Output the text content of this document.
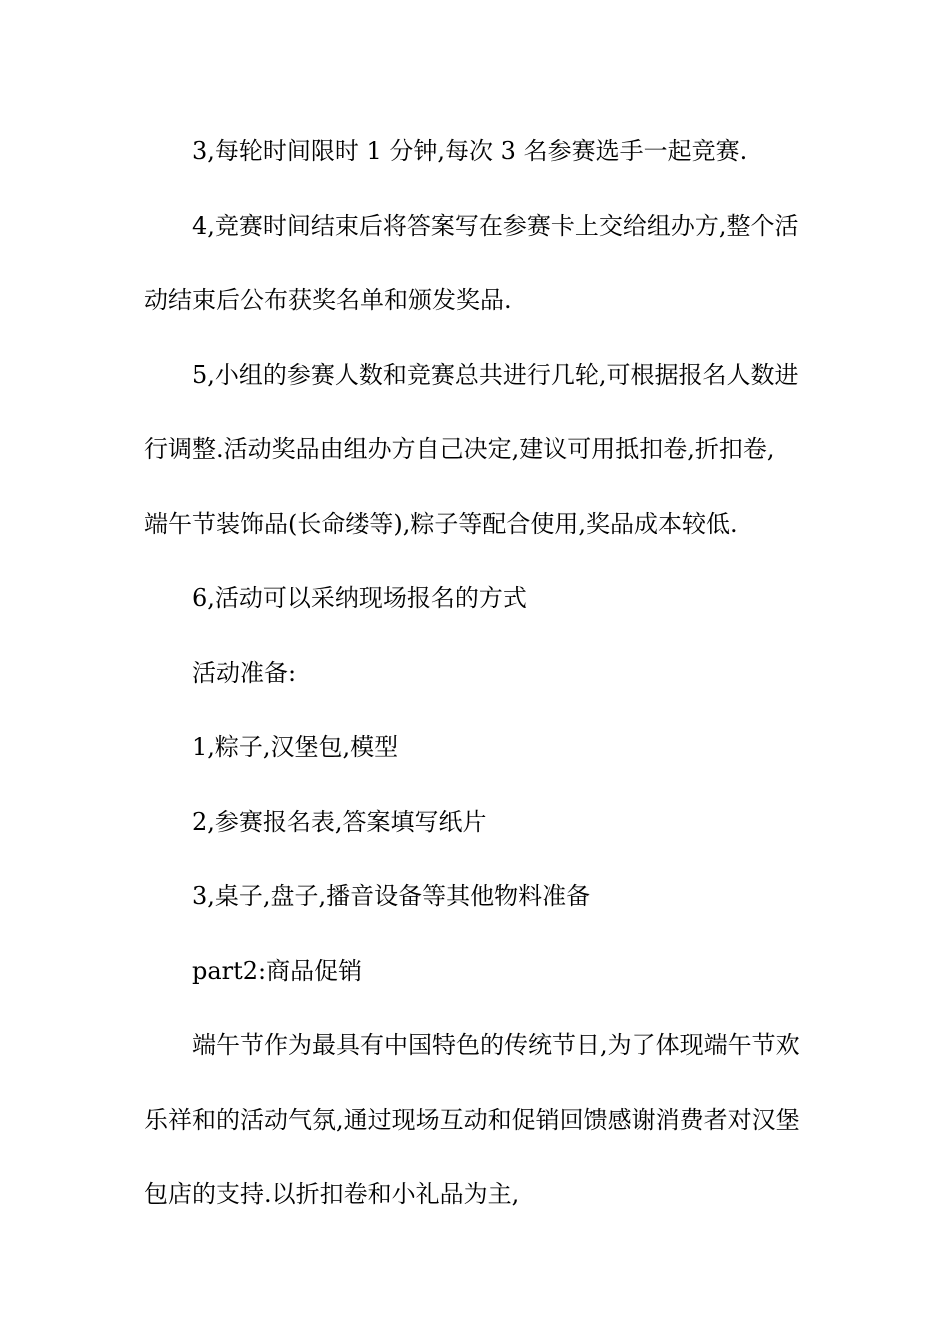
3,每轮时间限时 1 分钟,每次 3 名参赛选手一起竞赛.
4,竞赛时间结束后将答案写在参赛卡上交给组办方,整个活
动结束后公布获奖名单和颁发奖品.
5,小组的参赛人数和竞赛总共进行几轮,可根据报名人数进
行调整.活动奖品由组办方自己决定,建议可用抵扣卷,折扣卷,
端午节装饰品(长命缕等),粽子等配合使用,奖品成本较低.
6,活动可以采纳现场报名的方式
活动准备:
1,粽子,汉堡包,模型
2,参赛报名表,答案填写纸片
3,桌子,盘子,播音设备等其他物料准备
part2:商品促销
端午节作为最具有中国特色的传统节日,为了体现端午节欢
乐祥和的活动气氛,通过现场互动和促销回馈感谢消费者对汉堡
包店的支持.以折扣卷和小礼品为主,
